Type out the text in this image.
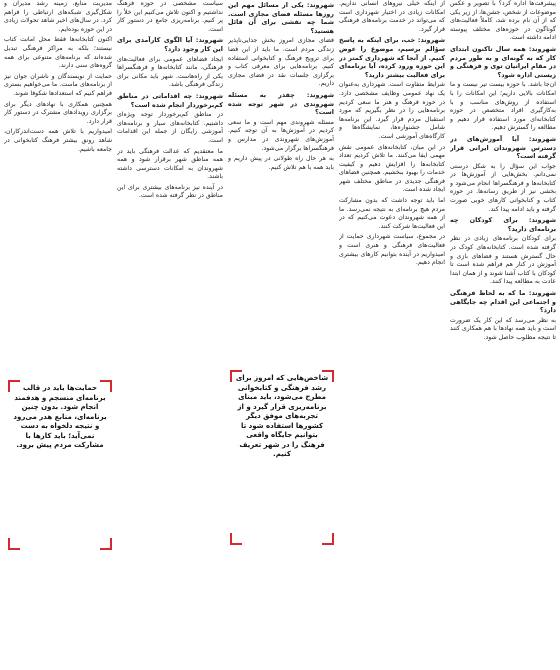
پیشرفت‌ها اداره کرد؟ با تصویر و عکس موضوعات از شخص، جشن‌ها، از زیر یکی که از آن نام برده شد، کاملاً فعالیت‌های گوناگون در حوزه‌های مختلف پیوسته ادامه داشته است.

شهروند: همه سال تاکنون ابتدای کار که به گونه‌ای و به طور مردم در مقام ایرانیان توی و فرهنگی و زیستی اداره شود؟

ان‌جا باشد. با حوزه بیست تیر نیست و ما امکانات بالایی داریم؛ این امکانات را با استفاده از روش‌های مناسب و با به‌کارگیری افراد متخصص در حوزه کتابخانه‌ای مورد استفاده قرار دهیم و مطالعه را گسترش دهیم.

شهروند: آیا آموزش‌های در دسترس شهروندان ایرانی قرار گرفته است؟

جواب این سؤال را به شکل درستی نمی‌دانم. بخش‌هایی از آموزش‌ها در کتابخانه‌ها و فرهنگسراها انجام می‌شود و بخشی نیز از طریق رسانه‌ها. در حوزه کتاب و کتابخوانی کارهای خوبی صورت گرفته و باید ادامه پیدا کند.

شهروند: برای کودکان چه برنامه‌ای دارید؟

برای کودکان برنامه‌های زیادی در نظر گرفته شده است. کتابخانه‌های کودک در حال گسترش هستند و فضاهای بازی و آموزش در کنار هم فراهم شده است تا کودکان با کتاب آشنا شوند و از همان ابتدا عادت به مطالعه پیدا کنند.

شهروند: ما که به لحاظ فرهنگی و اجتماعی این اقدام چه جایگاهی دارد؟

به نظر می‌رسد که این کار یک ضرورت است و باید همه نهادها با هم همکاری کنند تا نتیجه مطلوب حاصل شود.

از اینکه خیلی نیروهای انسانی نداریم. امکانات زیادی در اختیار شهرداری است که می‌تواند در خدمت برنامه‌های فرهنگی قرار گیرد.

شهروند: خب، برای اینکه به پاسخ سؤالم برسیم، موضوع را عوض کنیم. از آنجا که شهرداری کمتر در این حوزه ورود کرده، آیا برنامه‌ای برای فعالیت بیشتر دارید؟

شرایط متفاوت است. شهرداری به‌عنوان یک نهاد عمومی وظایف مشخصی دارد. در حوزه فرهنگ و هنر ما سعی کردیم برنامه‌هایی را در نظر بگیریم که مورد استقبال مردم قرار گیرد. این برنامه‌ها شامل جشنواره‌ها، نمایشگاه‌ها و کارگاه‌های آموزشی است.

در این میان، کتابخانه‌های عمومی نقش مهمی ایفا می‌کنند. ما تلاش کردیم تعداد کتابخانه‌ها را افزایش دهیم و کیفیت خدمات را بهبود ببخشیم. همچنین فضاهای فرهنگی جدیدی در مناطق مختلف شهر ایجاد شده است.

اما باید توجه داشت که بدون مشارکت مردم هیچ برنامه‌ای به نتیجه نمی‌رسد. ما از همه شهروندان دعوت می‌کنیم که در این فعالیت‌ها شرکت کنند.

در مجموع، سیاست شهرداری حمایت از فعالیت‌های فرهنگی و هنری است و امیدواریم در آینده بتوانیم کارهای بیشتری انجام دهیم.

شهروند: یکی از مسائل مهم این روزها مسئله فضای مجازی است. شما چه نقشی برای آن قائل هستید؟

فضای مجازی امروز بخش جدایی‌ناپذیر زندگی مردم است. ما باید از این فضا برای ترویج فرهنگ و کتابخوانی استفاده کنیم. برنامه‌هایی برای معرفی کتاب و برگزاری جلسات نقد در فضای مجازی داریم.

شهروند: چقدر به مسئله شهروندی در شهر توجه شده است؟

مسئله شهروندی مهم است و ما سعی کردیم در آموزش‌ها به آن توجه کنیم. آموزش‌های شهروندی در مدارس و فرهنگسراها برگزار می‌شود.

به هر حال راه طولانی در پیش داریم و باید همه با هم تلاش کنیم.

سیاست مشخصی در حوزه فرهنگ نداشتیم و اکنون تلاش می‌کنیم این خلأ را پر کنیم. برنامه‌ریزی جامع در دستور کار است.

شهروند: آیا الگوی کارآمدی برای این کار وجود دارد؟

ایجاد فضاهای عمومی برای فعالیت‌های فرهنگی، مانند کتابخانه‌ها و فرهنگسراها یکی از راه‌هاست. شهر باید مکانی برای زندگی فرهنگی باشد.

شهروند: چه اقداماتی در مناطق کم‌برخوردار انجام شده است؟

در مناطق کم‌برخوردار توجه ویژه‌ای داشتیم. کتابخانه‌های سیار و برنامه‌های آموزشی رایگان از جمله این اقدامات است.

ما معتقدیم که عدالت فرهنگی باید در همه مناطق شهر برقرار شود و همه شهروندان به امکانات دسترسی داشته باشند.

در آینده نیز برنامه‌های بیشتری برای این مناطق در نظر گرفته شده است.

مدیریت منابع، زمینه رشد مدیران و شکل‌گیری شبکه‌های ارتباطی را فراهم کرد. در سال‌های اخیر شاهد تحولات زیادی در این حوزه بوده‌ایم.

اکنون کتابخانه‌ها فقط محل امانت کتاب نیستند؛ بلکه به مراکز فرهنگی تبدیل شده‌اند که برنامه‌های متنوعی برای همه گروه‌های سنی دارند.

حمایت از نویسندگان و ناشران جوان نیز از برنامه‌های ماست. ما می‌خواهیم بستری فراهم کنیم که استعدادها شکوفا شوند.

همچنین همکاری با نهادهای دیگر برای برگزاری رویدادهای مشترک در دستور کار قرار دارد.

امیدواریم با تلاش همه دست‌اندرکاران، شاهد رونق بیشتر فرهنگ کتابخوانی در جامعه باشیم.

شاخص‌هایی که امروز برای رشد فرهنگی و کتابخوانی مطرح می‌شود، باید مبنای برنامه‌ریزی قرار گیرد و از تجربه‌های موفق دیگر کشورها استفاده شود تا بتوانیم جایگاه واقعی فرهنگ را در شهر تعریف کنیم.
حمایت‌ها باید در قالب برنامه‌ای منسجم و هدفمند انجام شود. بدون چنین برنامه‌ای، منابع هدر می‌رود و نتیجه دلخواه به دست نمی‌آید؛ باید کارها با مشارکت مردم پیش برود.
